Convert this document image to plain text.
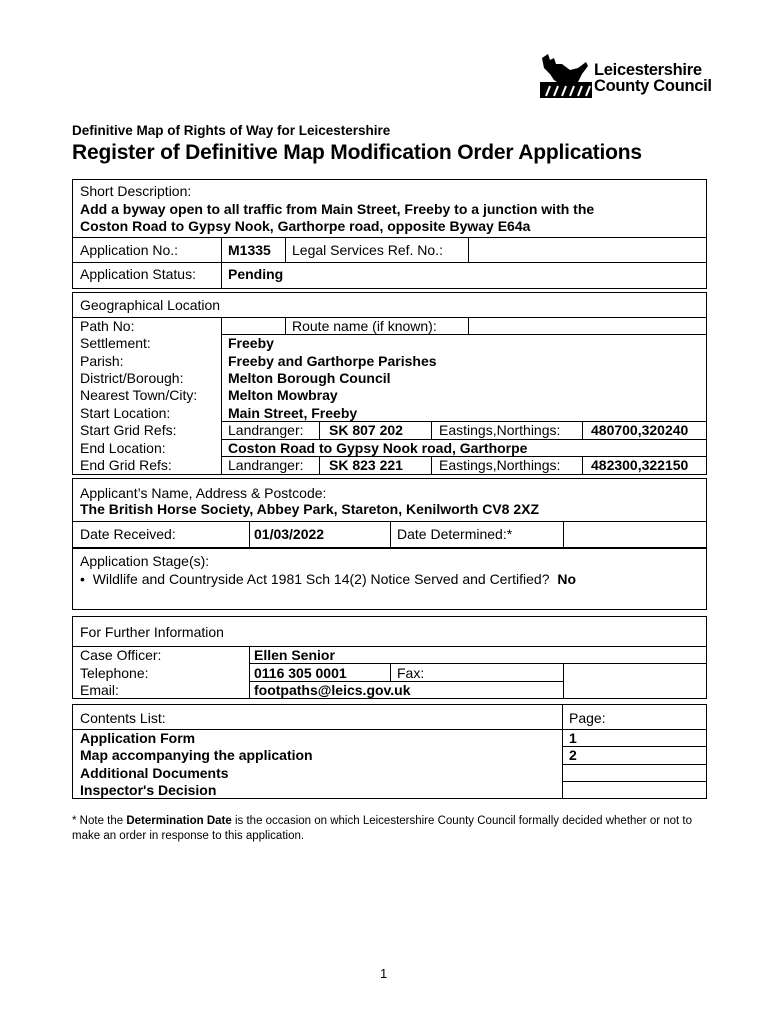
Leicestershire
County Council
Definitive Map of Rights of Way for Leicestershire
Register of Definitive Map Modification Order Applications
Short Description:
Add a byway open to all traffic from Main Street, Freeby to a junction with the
Coston Road to Gypsy Nook, Garthorpe road, opposite Byway E64a
Application No.:	M1335 Legal Services Ref. No.:
Application Status: Pending
Geographical Location
Path No:	Route name (if known):
Settlement:	Freeby
Parish:	Freeby and Garthorpe Parishes
District/Borough:	Melton Borough Council
Nearest Town/City: Melton Mowbray
Start Location:	Main Street, Freeby
Start Grid Refs:	Landranger: SK 807 202	Eastings,Northings: 480700,320240
End Location:	Coston Road to Gypsy Nook road, Garthorpe
End Grid Refs:	Landranger: SK 823 221	Eastings,Northings: 482300,322150
Applicant’s Name, Address & Postcode:
The British Horse Society, Abbey Park, Stareton, Kenilworth CV8 2XZ
Date Received:	01/03/2022	Date Determined:*
Application Stage(s):
•  Wildlife and Countryside Act 1981 Sch 14(2) Notice Served and Certified? No
For Further Information
Case Officer:	Ellen Senior
Telephone:	0116 305 0001	Fax:
Email:	footpaths@leics.gov.uk
Contents List:	Page:
Application Form	1
Map accompanying the application	2
Additional Documents
Inspector's Decision
* Note the Determination Date is the occasion on which Leicestershire County Council formally decided whether or not to make an order in response to this application.
1
